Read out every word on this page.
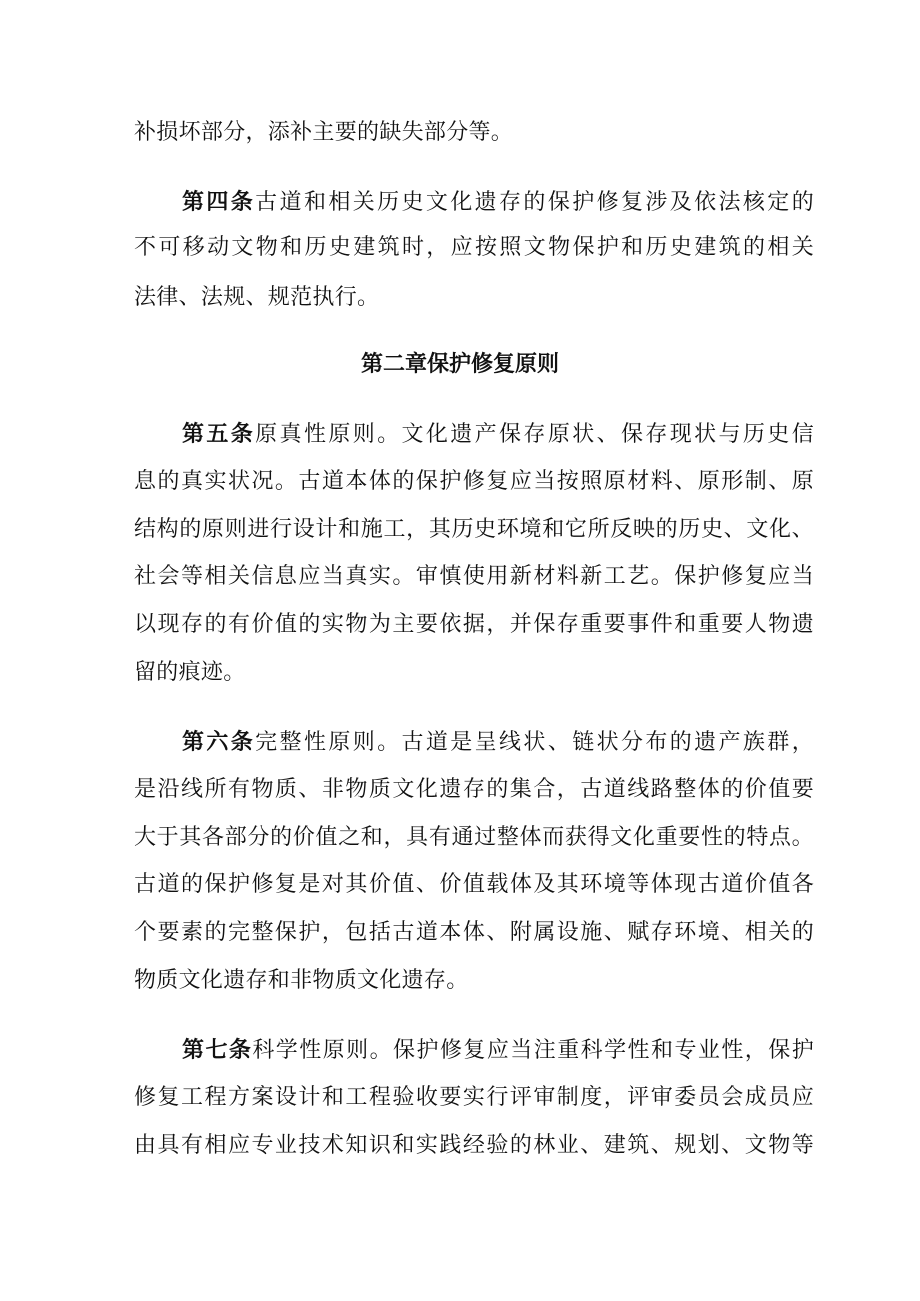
补损坏部分，添补主要的缺失部分等。
第四条古道和相关历史文化遗存的保护修复涉及依法核定的
不可移动文物和历史建筑时，应按照文物保护和历史建筑的相关
法律、法规、规范执行。
第二章保护修复原则
第五条原真性原则。文化遗产保存原状、保存现状与历史信
息的真实状况。古道本体的保护修复应当按照原材料、原形制、原
结构的原则进行设计和施工，其历史环境和它所反映的历史、文化、
社会等相关信息应当真实。审慎使用新材料新工艺。保护修复应当
以现存的有价值的实物为主要依据，并保存重要事件和重要人物遗
留的痕迹。
第六条完整性原则。古道是呈线状、链状分布的遗产族群，
是沿线所有物质、非物质文化遗存的集合，古道线路整体的价值要
大于其各部分的价值之和，具有通过整体而获得文化重要性的特点。
古道的保护修复是对其价值、价值载体及其环境等体现古道价值各
个要素的完整保护，包括古道本体、附属设施、赋存环境、相关的
物质文化遗存和非物质文化遗存。
第七条科学性原则。保护修复应当注重科学性和专业性，保护
修复工程方案设计和工程验收要实行评审制度，评审委员会成员应
由具有相应专业技术知识和实践经验的林业、建筑、规划、文物等
